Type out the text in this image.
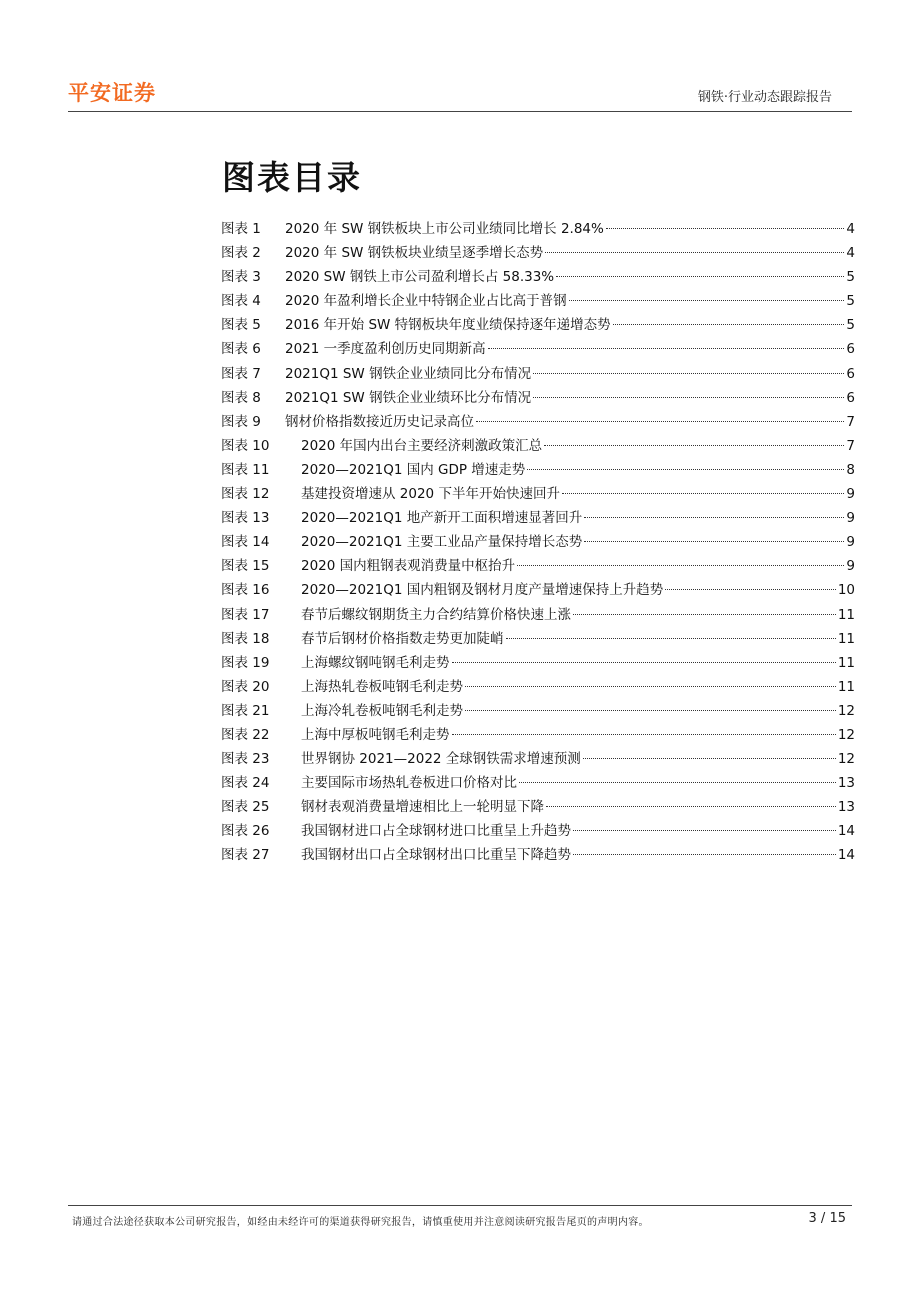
平安证券	钢铁·行业动态跟踪报告
图表目录
图表 1	2020 年 SW 钢铁板块上市公司业绩同比增长 2.84%	4
图表 2	2020 年 SW 钢铁板块业绩呈逐季增长态势	4
图表 3	2020 SW 钢铁上市公司盈利增长占 58.33%	5
图表 4	2020 年盈利增长企业中特钢企业占比高于普钢	5
图表 5	2016 年开始 SW 特钢板块年度业绩保持逐年递增态势	5
图表 6	2021 一季度盈利创历史同期新高	6
图表 7	2021Q1 SW 钢铁企业业绩同比分布情况	6
图表 8	2021Q1 SW 钢铁企业业绩环比分布情况	6
图表 9	钢材价格指数接近历史记录高位	7
图表 10	2020 年国内出台主要经济刺激政策汇总	7
图表 11	2020—2021Q1 国内 GDP 增速走势	8
图表 12	基建投资增速从 2020 下半年开始快速回升	9
图表 13	2020—2021Q1 地产新开工面积增速显著回升	9
图表 14	2020—2021Q1 主要工业品产量保持增长态势	9
图表 15	2020 国内粗钢表观消费量中枢抬升	9
图表 16	2020—2021Q1 国内粗钢及钢材月度产量增速保持上升趋势	10
图表 17	春节后螺纹钢期货主力合约结算价格快速上涨	11
图表 18	春节后钢材价格指数走势更加陡峭	11
图表 19	上海螺纹钢吨钢毛利走势	11
图表 20	上海热轧卷板吨钢毛利走势	11
图表 21	上海冷轧卷板吨钢毛利走势	12
图表 22	上海中厚板吨钢毛利走势	12
图表 23	世界钢协 2021—2022 全球钢铁需求增速预测	12
图表 24	主要国际市场热轧卷板进口价格对比	13
图表 25	钢材表观消费量增速相比上一轮明显下降	13
图表 26	我国钢材进口占全球钢材进口比重呈上升趋势	14
图表 27	我国钢材出口占全球钢材出口比重呈下降趋势	14
请通过合法途径获取本公司研究报告，如经由未经许可的渠道获得研究报告，请慎重使用并注意阅读研究报告尾页的声明内容。	3 / 15
